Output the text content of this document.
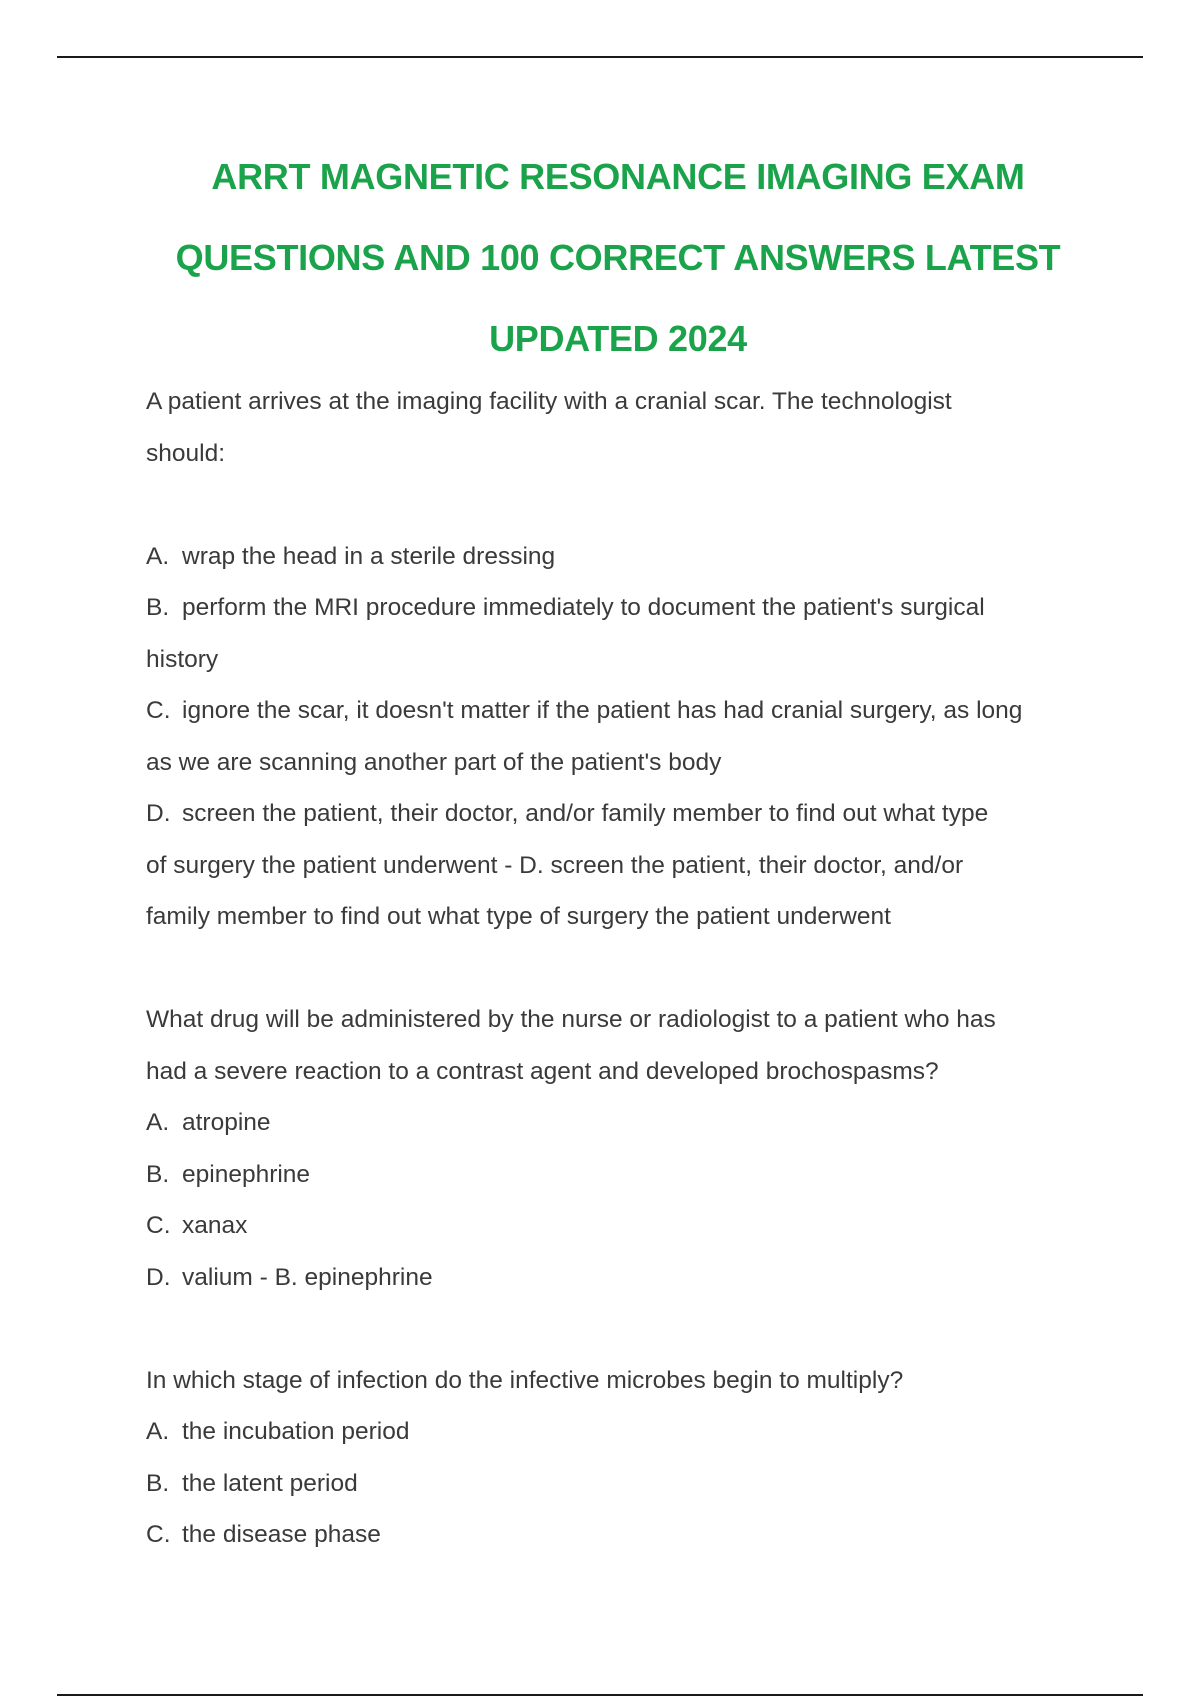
ARRT MAGNETIC RESONANCE IMAGING EXAM
QUESTIONS AND 100 CORRECT ANSWERS LATEST
UPDATED 2024
A patient arrives at the imaging facility with a cranial scar. The technologist
should:
A. wrap the head in a sterile dressing
B. perform the MRI procedure immediately to document the patient's surgical
history
C. ignore the scar, it doesn't matter if the patient has had cranial surgery, as long
as we are scanning another part of the patient's body
D. screen the patient, their doctor, and/or family member to find out what type
of surgery the patient underwent - D. screen the patient, their doctor, and/or
family member to find out what type of surgery the patient underwent
What drug will be administered by the nurse or radiologist to a patient who has
had a severe reaction to a contrast agent and developed brochospasms?
A. atropine
B. epinephrine
C. xanax
D. valium - B. epinephrine
In which stage of infection do the infective microbes begin to multiply?
A. the incubation period
B. the latent period
C. the disease phase
